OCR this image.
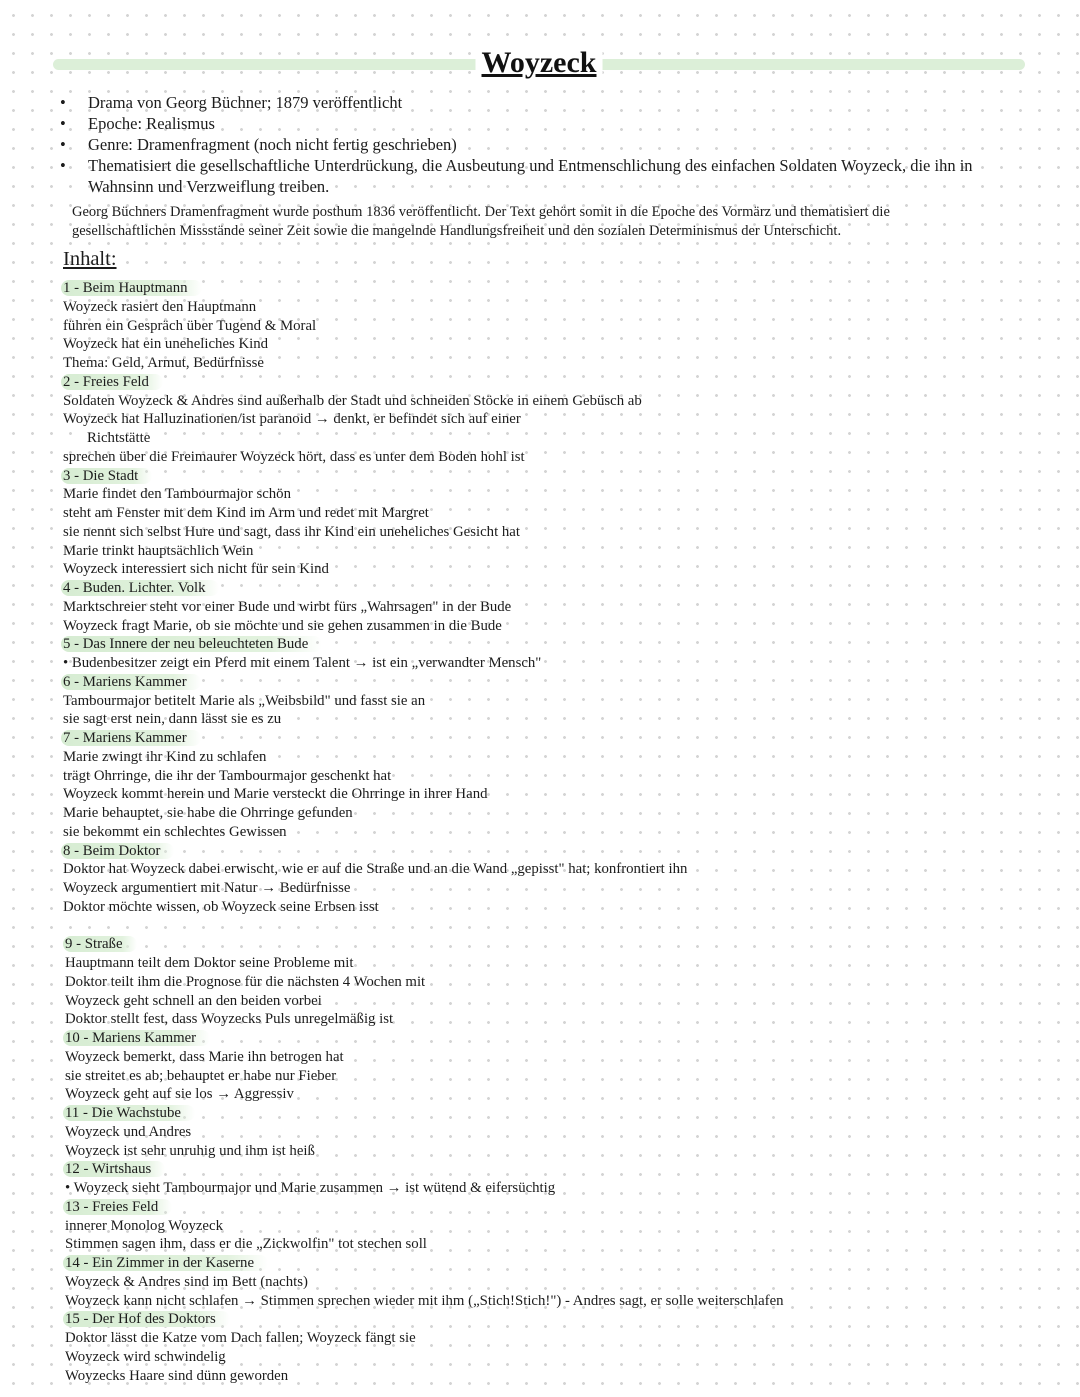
Woyzeck
• Drama von Georg Büchner; 1879 veröffentlicht
• Epoche: Realismus
• Genre: Dramenfragment (noch nicht fertig geschrieben)
• Thematisiert die gesellschaftliche Unterdrückung, die Ausbeutung und Entmenschlichung des einfachen Soldaten Woyzeck, die ihn in Wahnsinn und Verzweiflung treiben.
Georg Büchners Dramenfragment wurde posthum 1836 veröffentlicht. Der Text gehört somit in die Epoche des Vormärz und thematisiert die gesellschaftlichen Missstände seiner Zeit sowie die mangelnde Handlungsfreiheit und den sozialen Determinismus der Unterschicht.
Inhalt:
1 - Beim Hauptmann
Woyzeck rasiert den Hauptmann
führen ein Gespräch über Tugend & Moral
Woyzeck hat ein uneheliches Kind
Thema: Geld, Armut, Bedürfnisse
2 - Freies Feld
Soldaten Woyzeck & Andres sind außerhalb der Stadt und schneiden Stöcke in einem Gebüsch ab
Woyzeck hat Halluzinationen/ist paranoid → denkt, er befindet sich auf einer
Richtstätte
sprechen über die Freimaurer Woyzeck hört, dass es unter dem Boden hohl ist
3 - Die Stadt
Marie findet den Tambourmajor schön
steht am Fenster mit dem Kind im Arm und redet mit Margret
sie nennt sich selbst Hure und sagt, dass ihr Kind ein uneheliches Gesicht hat
Marie trinkt hauptsächlich Wein
Woyzeck interessiert sich nicht für sein Kind
4 - Buden. Lichter. Volk
Marktschreier steht vor einer Bude und wirbt fürs „Wahrsagen" in der Bude
Woyzeck fragt Marie, ob sie möchte und sie gehen zusammen in die Bude
5 - Das Innere der neu beleuchteten Bude
• Budenbesitzer zeigt ein Pferd mit einem Talent → ist ein „verwandter Mensch"
6 - Mariens Kammer
Tambourmajor betitelt Marie als „Weibsbild" und fasst sie an
sie sagt erst nein, dann lässt sie es zu
7 - Mariens Kammer
Marie zwingt ihr Kind zu schlafen
trägt Ohrringe, die ihr der Tambourmajor geschenkt hat
Woyzeck kommt herein und Marie versteckt die Ohrringe in ihrer Hand
Marie behauptet, sie habe die Ohrringe gefunden
sie bekommt ein schlechtes Gewissen
8 - Beim Doktor
Doktor hat Woyzeck dabei erwischt, wie er auf die Straße und an die Wand „gepisst" hat; konfrontiert ihn
Woyzeck argumentiert mit Natur → Bedürfnisse
Doktor möchte wissen, ob Woyzeck seine Erbsen isst
9 - Straße
Hauptmann teilt dem Doktor seine Probleme mit
Doktor teilt ihm die Prognose für die nächsten 4 Wochen mit
Woyzeck geht schnell an den beiden vorbei
Doktor stellt fest, dass Woyzecks Puls unregelmäßig ist
10 - Mariens Kammer
Woyzeck bemerkt, dass Marie ihn betrogen hat
sie streitet es ab; behauptet er habe nur Fieber
Woyzeck geht auf sie los → Aggressiv
11 - Die Wachstube
Woyzeck und Andres
Woyzeck ist sehr unruhig und ihm ist heiß
12 - Wirtshaus
• Woyzeck sieht Tambourmajor und Marie zusammen → ist wütend & eifersüchtig
13 - Freies Feld
innerer Monolog Woyzeck
Stimmen sagen ihm, dass er die „Zickwolfin" tot stechen soll
14 - Ein Zimmer in der Kaserne
Woyzeck & Andres sind im Bett (nachts)
Woyzeck kann nicht schlafen → Stimmen sprechen wieder mit ihm („Stich!Stich!") - Andres sagt, er solle weiterschlafen
15 - Der Hof des Doktors
Doktor lässt die Katze vom Dach fallen; Woyzeck fängt sie
Woyzeck wird schwindelig
Woyzecks Haare sind dünn geworden
